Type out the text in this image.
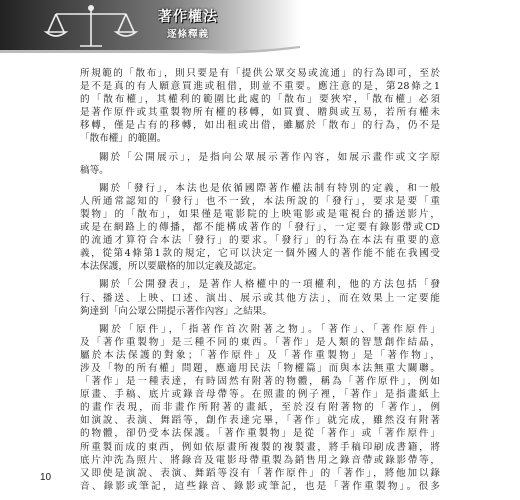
著作權法
逐條釋義
所規範的「散布」，則只要是有「提供公眾交易或流通」的行為即可，至於
是不是真的有人願意買進或租借，則並不重要。應注意的是，第28條之1
的「散布權」，其權利的範圍比此處的「散布」要狹窄，「散布權」必須
是著作原件或其重製物所有權的移轉，如買賣、贈與或互易，若所有權未
移轉，僅是占有的移轉，如出租或出借，雖屬於「散布」的行為，仍不是
「散布權」的範圍。
關於「公開展示」，是指向公眾展示著作內容，如展示畫作或文字原
稿等。
關於「發行」，本法也是依循國際著作權法制有特別的定義，和一般
人所通常認知的「發行」也不一致，本法所說的「發行」，要求是要「重
製物」的「散布」，如果僅是電影院的上映電影或是電視台的播送影片，
或是在網路上的傳播，都不能構成著作的「發行」，一定要有錄影帶或CD
的流通才算符合本法「發行」的要求。「發行」的行為在本法有重要的意
義，從第4條第1款的規定，它可以決定一個外國人的著作能不能在我國受
本法保護，所以要嚴格的加以定義及認定。
關於「公開發表」，是著作人格權中的一項權利，他的方法包括「發
行、播送、上映、口述、演出、展示或其他方法」，而在效果上一定要能
夠達到「向公眾公開提示著作內容」之結果。
關於「原件」，「指著作首次附著之物」。「著作」、「著作原件」
及「著作重製物」是三種不同的東西。「著作」是人類的智慧創作結晶，
屬於本法保護的對象；「著作原件」及「著作重製物」是「著作物」，
涉及「物的所有權」問題，應適用民法「物權篇」而與本法無重大關聯。
「著作」是一種表達，有時固然有附著的物體，稱為「著作原件」，例如
原畫、手稿、底片或錄音母帶等。在照畫的例子裡，「著作」是指畫紙上
的畫作表現，而非畫作所附著的畫紙，至於沒有附著物的「著作」，例
如演說、表演、舞蹈等，創作表達完畢，「著作」就完成，雖然沒有附著
的物體，卻仍受本法保護。「著作重製物」是從「著作」或「著作原件」
所重製而成的東西，例如依原畫所複製的複製畫，將手稿印刷成書籍，將
底片沖洗為照片、將錄音及電影母帶重製為銷售用之錄音帶或錄影帶等，
又即使是演說、表演、舞蹈等沒有「著作原件」的「著作」，將他加以錄
音、錄影或筆記，這些錄音、錄影或筆記，也是「著作重製物」。很多
10
